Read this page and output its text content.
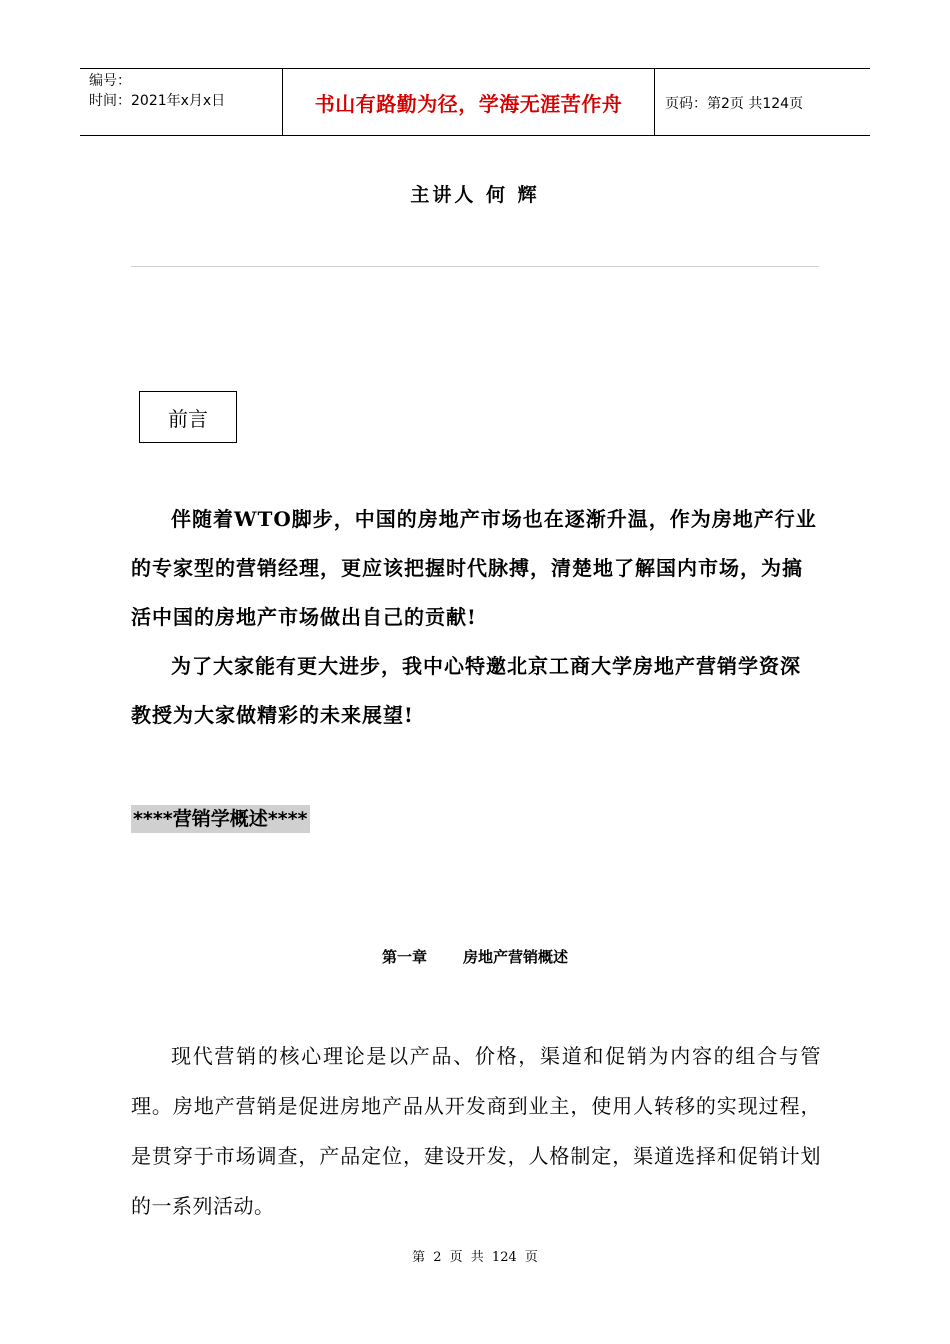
编号：
时间：2021年x月x日	书山有路勤为径，学海无涯苦作舟	页码：第2页 共124页
主讲人 何 辉
前言

伴随着WTO脚步，中国的房地产市场也在逐渐升温，作为房地产行业的专家型的营销经理，更应该把握时代脉搏，清楚地了解国内市场，为搞活中国的房地产市场做出自己的贡献!

为了大家能有更大进步，我中心特邀北京工商大学房地产营销学资深教授为大家做精彩的未来展望!

****营销学概述****
第一章 房地产营销概述

现代营销的核心理论是以产品、价格，渠道和促销为内容的组合与管理。房地产营销是促进房地产品从开发商到业主，使用人转移的实现过程，是贯穿于市场调查，产品定位，建设开发，人格制定，渠道选择和促销计划的一系列活动。

第 2 页 共 124 页
